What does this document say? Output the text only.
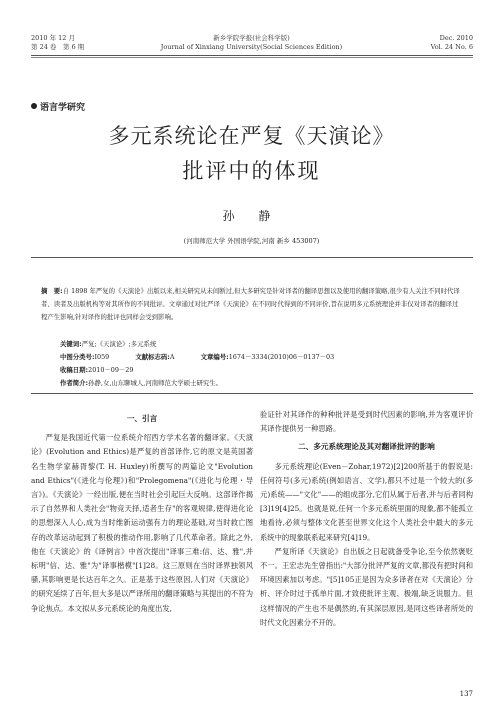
2010 年 12 月
第 24 卷　第 6 期
新乡学院学报(社会科学版)
Journal of Xinxiang University(Social Sciences Edition)
Dec. 2010
Vol. 24 No. 6
语言学研究
多元系统论在严复《天演论》
批评中的体现
孙 静
(河南师范大学 外国语学院,河南 新乡 453007)
摘　要:自 1898 年严复的《天演论》出版以来,相关研究从未间断过,但大多研究是针对译者的翻译思想以及使用的翻译策略,很少有人关注不同时代译者、读者及出版机构等对其所作的不同批评。文章通过对比严译《天演论》在不同时代得到的不同评价,旨在说明多元系统理论并非仅对译者的翻译过程产生影响,针对译作的批评也同样会受到影响。
关键词:严复;《天演论》;多元系统
中图分类号:I059	文献标志码:A	文章编号:1674－3334(2010)06－0137－03
收稿日期:2010－09－29
作者简介:孙静,女,山东聊城人,河南师范大学硕士研究生。
一、引言

严复是我国近代第一位系统介绍西方学术名著的翻译家。《天演论》(Evolution and Ethics)是严复的首部译作,它的原文是英国著名生物学家赫胥黎(T. H. Huxley)所撰写的两篇论文"Evolution and Ethics"(《进化与伦理》)和"Prolegomena"(《进化与伦理・导言》)。《天演论》一经出版,便在当时社会引起巨大反响。这部译作揭示了自然界和人类社会"物竞天择,适者生存"的客观规律,使得进化论的思想深入人心,成为当时维新运动强有力的理论基础,对当时救亡图存的改革运动起到了积极的推动作用,影响了几代革命者。除此之外,他在《天演论》的《译例言》中首次提出"译事三难:信、达、雅",并标明"信、达、雅"为"译事楷模"[1]28。这三原则在当时译界独领风骚,其影响更是长达百年之久。正是基于这些原因,人们对《天演论》的研究延续了百年,但大多是以严译所用的翻译策略与其提出的不符为争论焦点。本文拟从多元系统论的角度出发,

验证针对其译作的种种批评是受到时代因素的影响,并为客观评价其译作提供另一种思路。

二、多元系统理论及其对翻译批评的影响

多元系统理论(Even－Zohar,1972)[2]200所基于的假说是:任何符号(多元)系统(例如语言、文学),都只不过是一个较大的(多元)系统——"文化"——的组成部分,它们从属于后者,并与后者同构[3]19[4]25。也就是说,任何一个多元系统里面的现象,都不能孤立地看待,必须与整体文化甚至世界文化这个人类社会中最大的多元系统中的现象联系起来研究[4]19。

严复所译《天演论》自出版之日起就备受争论,至今依然褒贬不一。王宏志先生曾指出:"大部分批评严复的文章,都没有把时间和环境因素加以考虑。"[5]105正是因为众多译者在对《天演论》分析、评介时过于孤单片面,才致使批评主观、极端,缺乏说服力。但这样情况的产生也不是偶然的,有其深层原因,是同这些译者所处的时代文化因素分不开的。

137
